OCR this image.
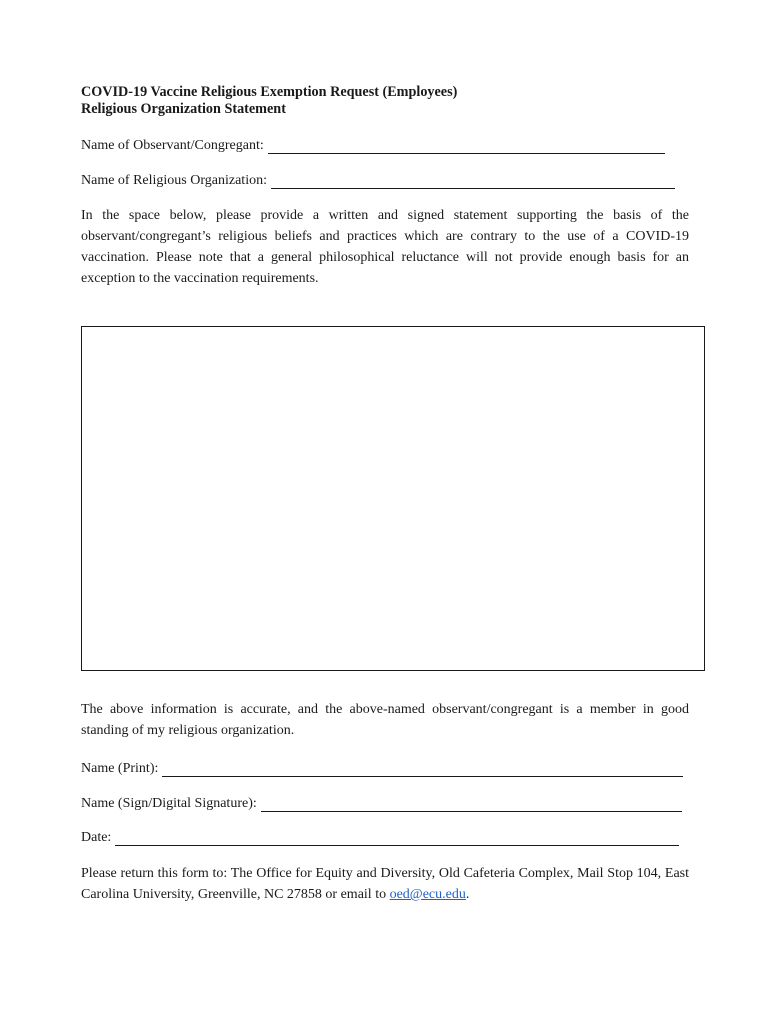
COVID-19 Vaccine Religious Exemption Request (Employees)
Religious Organization Statement
Name of Observant/Congregant:
Name of Religious Organization:
In the space below, please provide a written and signed statement supporting the basis of the observant/congregant’s religious beliefs and practices which are contrary to the use of a COVID-19 vaccination. Please note that a general philosophical reluctance will not provide enough basis for an exception to the vaccination requirements.
The above information is accurate, and the above-named observant/congregant is a member in good standing of my religious organization.
Name (Print):
Name (Sign/Digital Signature):
Date:
Please return this form to: The Office for Equity and Diversity, Old Cafeteria Complex, Mail Stop 104, East Carolina University, Greenville, NC 27858 or email to oed@ecu.edu.
